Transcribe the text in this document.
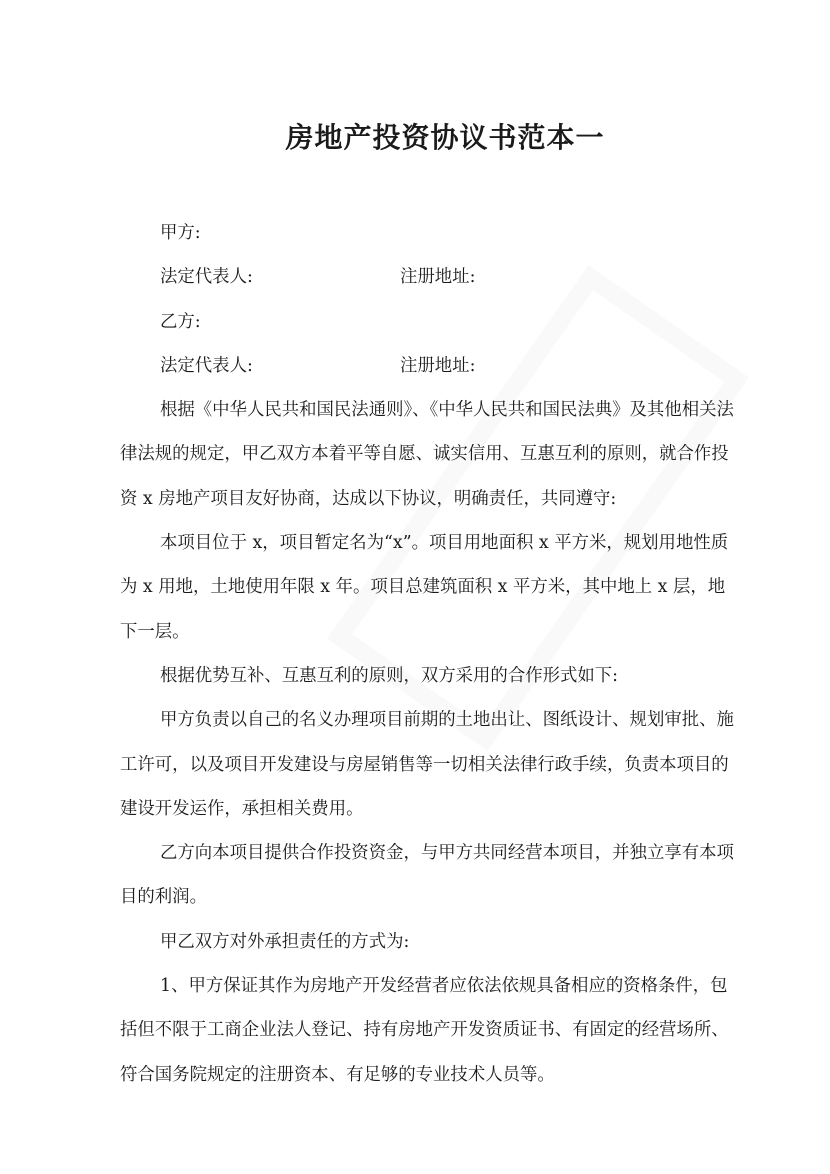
房地产投资协议书范本一
甲方:
法定代表人:	注册地址:
乙方:
法定代表人:	注册地址:
根据《中华人民共和国民法通则》、《中华人民共和国民法典》及其他相关法
律法规的规定，甲乙双方本着平等自愿、诚实信用、互惠互利的原则，就合作投
资 x 房地产项目友好协商，达成以下协议，明确责任，共同遵守:
本项目位于 x，项目暂定名为“x”。项目用地面积 x 平方米，规划用地性质
为 x 用地，土地使用年限 x 年。项目总建筑面积 x 平方米，其中地上 x 层，地
下一层。
根据优势互补、互惠互利的原则，双方采用的合作形式如下:
甲方负责以自己的名义办理项目前期的土地出让、图纸设计、规划审批、施
工许可，以及项目开发建设与房屋销售等一切相关法律行政手续，负责本项目的
建设开发运作，承担相关费用。
乙方向本项目提供合作投资资金，与甲方共同经营本项目，并独立享有本项
目的利润。
甲乙双方对外承担责任的方式为:
1、甲方保证其作为房地产开发经营者应依法依规具备相应的资格条件，包
括但不限于工商企业法人登记、持有房地产开发资质证书、有固定的经营场所、
符合国务院规定的注册资本、有足够的专业技术人员等。
